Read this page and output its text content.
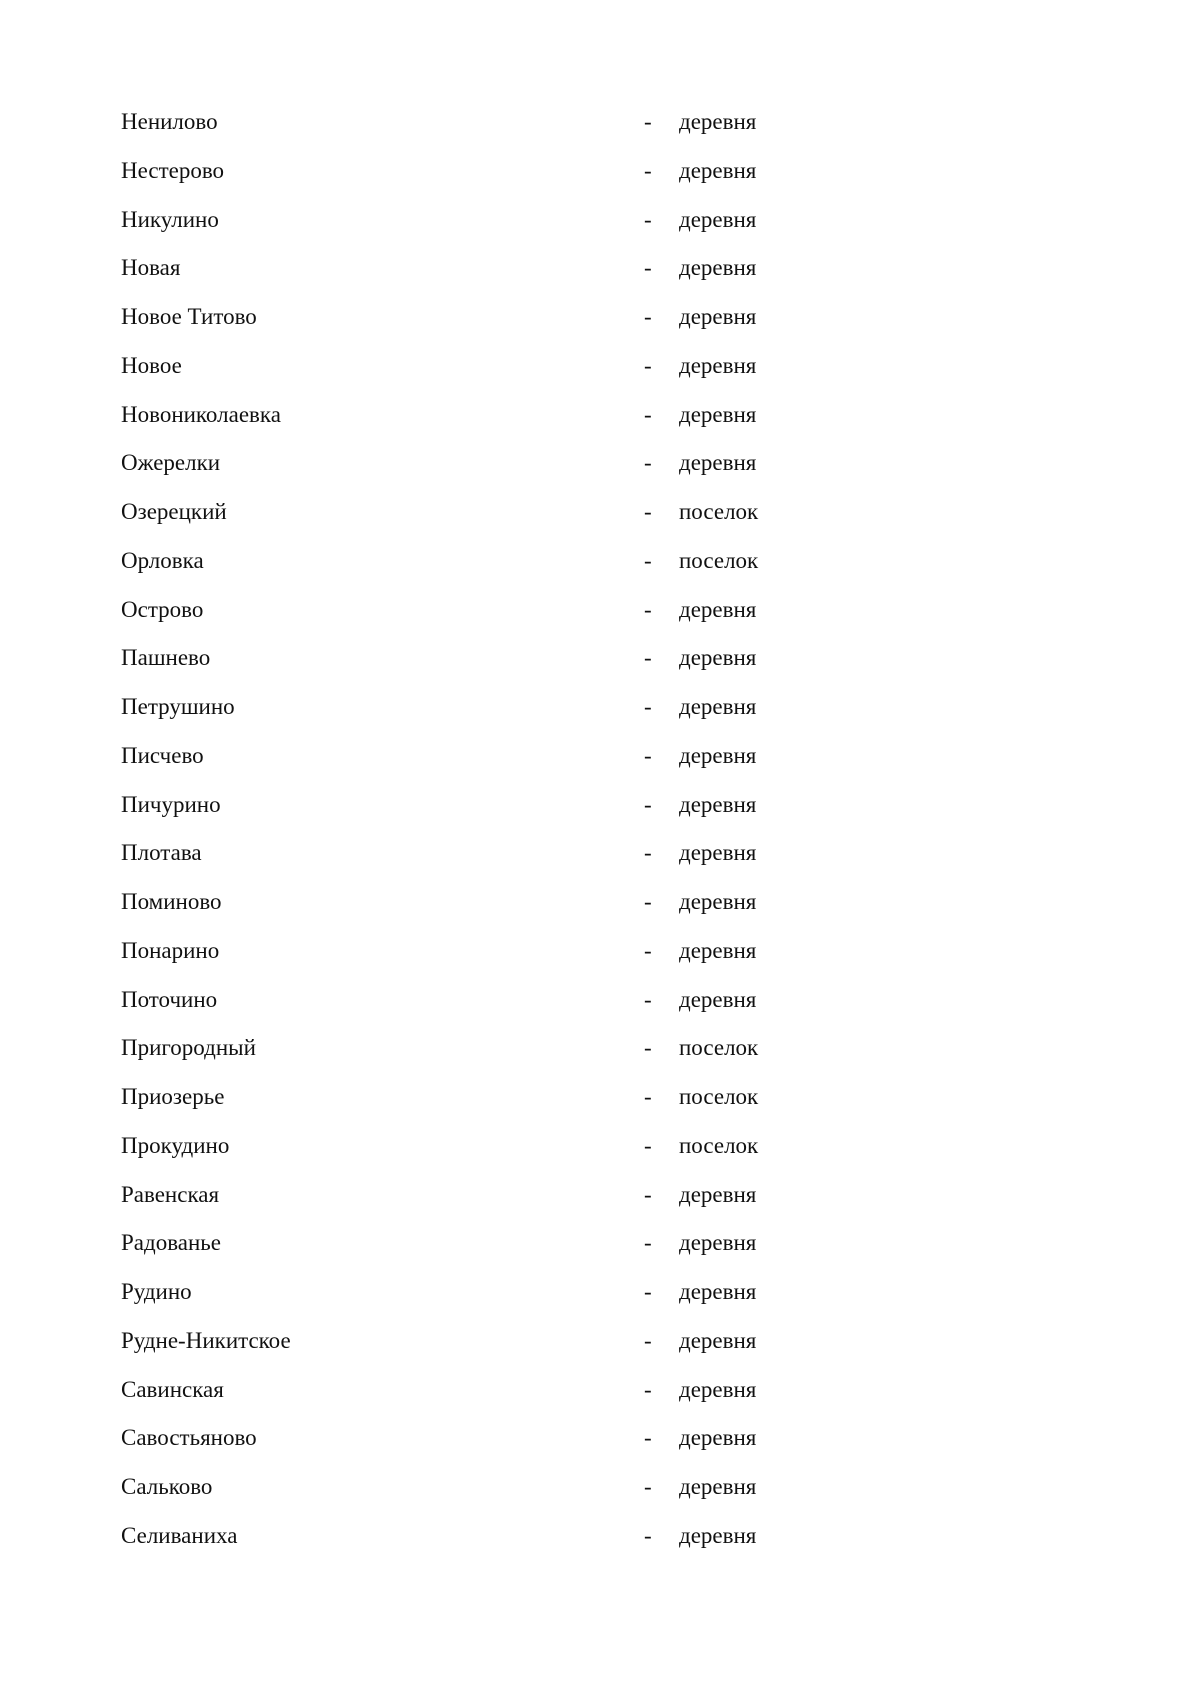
Ненилово	- деревня
Нестерово	- деревня
Никулино	- деревня
Новая	- деревня
Новое Титово	- деревня
Новое	- деревня
Новониколаевка	- деревня
Ожерелки	- деревня
Озерецкий	- поселок
Орловка	- поселок
Острово	- деревня
Пашнево	- деревня
Петрушино	- деревня
Писчево	- деревня
Пичурино	- деревня
Плотава	- деревня
Поминово	- деревня
Понарино	- деревня
Поточино	- деревня
Пригородный	- поселок
Приозерье	- поселок
Прокудино	- поселок
Равенская	- деревня
Радованье	- деревня
Рудино	- деревня
Рудне-Никитское	- деревня
Савинская	- деревня
Савостьяново	- деревня
Сальково	- деревня
Селиваниха	- деревня
